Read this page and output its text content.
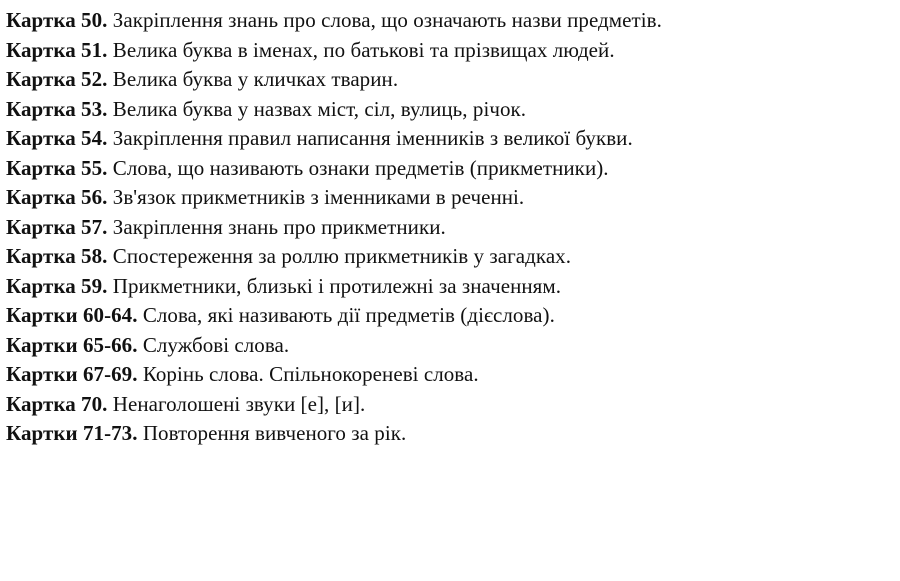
Картка 50. Закріплення знань про слова, що означають назви предметів.
Картка 51. Велика буква в іменах, по батькові та прізвищах людей.
Картка 52. Велика буква у кличках тварин.
Картка 53. Велика буква у назвах міст, сіл, вулиць, річок.
Картка 54. Закріплення правил написання іменників з великої букви.
Картка 55. Слова, що називають ознаки предметів (прикметники).
Картка 56. Зв'язок прикметників з іменниками в реченні.
Картка 57. Закріплення знань про прикметники.
Картка 58. Спостереження за роллю прикметників у загадках.
Картка 59. Прикметники, близькі і протилежні за значенням.
Картки 60-64. Слова, які називають дії предметів (дієслова).
Картки 65-66. Службові слова.
Картки 67-69. Корінь слова. Спільнокореневі слова.
Картка 70. Ненаголошені звуки [е], [и].
Картки 71-73. Повторення вивченого за рік.
